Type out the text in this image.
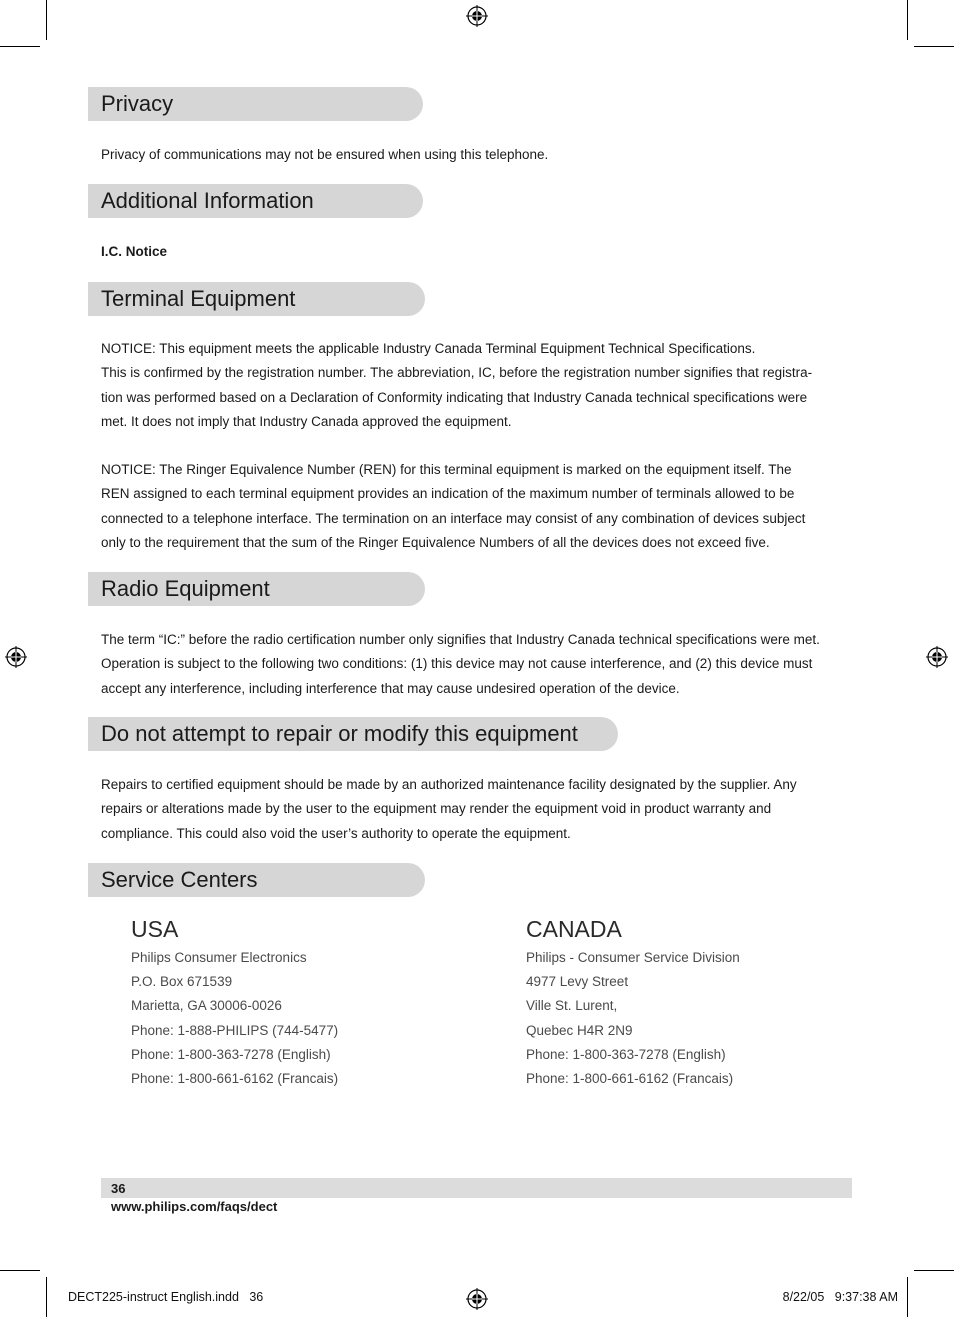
Privacy

Privacy of communications may not be ensured when using this telephone.

Additional Information

I.C. Notice

Terminal Equipment

NOTICE: This equipment meets the applicable Industry Canada Terminal Equipment Technical Specifications.
This is confirmed by the registration number. The abbreviation, IC, before the registration number signifies that registra-
tion was performed based on a Declaration of Conformity indicating that Industry Canada technical specifications were
met. It does not imply that Industry Canada approved the equipment.

NOTICE: The Ringer Equivalence Number (REN) for this terminal equipment is marked on the equipment itself. The
REN assigned to each terminal equipment provides an indication of the maximum number of terminals allowed to be
connected to a telephone interface. The termination on an interface may consist of any combination of devices subject
only to the requirement that the sum of the Ringer Equivalence Numbers of all the devices does not exceed five.

Radio Equipment

The term “IC:” before the radio certification number only signifies that Industry Canada technical specifications were met.
Operation is subject to the following two conditions: (1) this device may not cause interference, and (2) this device must
accept any interference, including interference that may cause undesired operation of the device.

Do not attempt to repair or modify this equipment

Repairs to certified equipment should be made by an authorized maintenance facility designated by the supplier. Any
repairs or alterations made by the user to the equipment may render the equipment void in product warranty and
compliance. This could also void the user’s authority to operate the equipment.

Service Centers
USA
Philips Consumer Electronics
P.O. Box 671539
Marietta, GA 30006-0026
Phone: 1-888-PHILIPS (744-5477)
Phone: 1-800-363-7278 (English)
Phone: 1-800-661-6162 (Francais)
CANADA
Philips - Consumer Service Division
4977 Levy Street
Ville St. Lurent,
Quebec H4R 2N9
Phone: 1-800-363-7278 (English)
Phone: 1-800-661-6162 (Francais)
36
www.philips.com/faqs/dect
DECT225-instruct English.indd   36	8/22/05   9:37:38 AM
